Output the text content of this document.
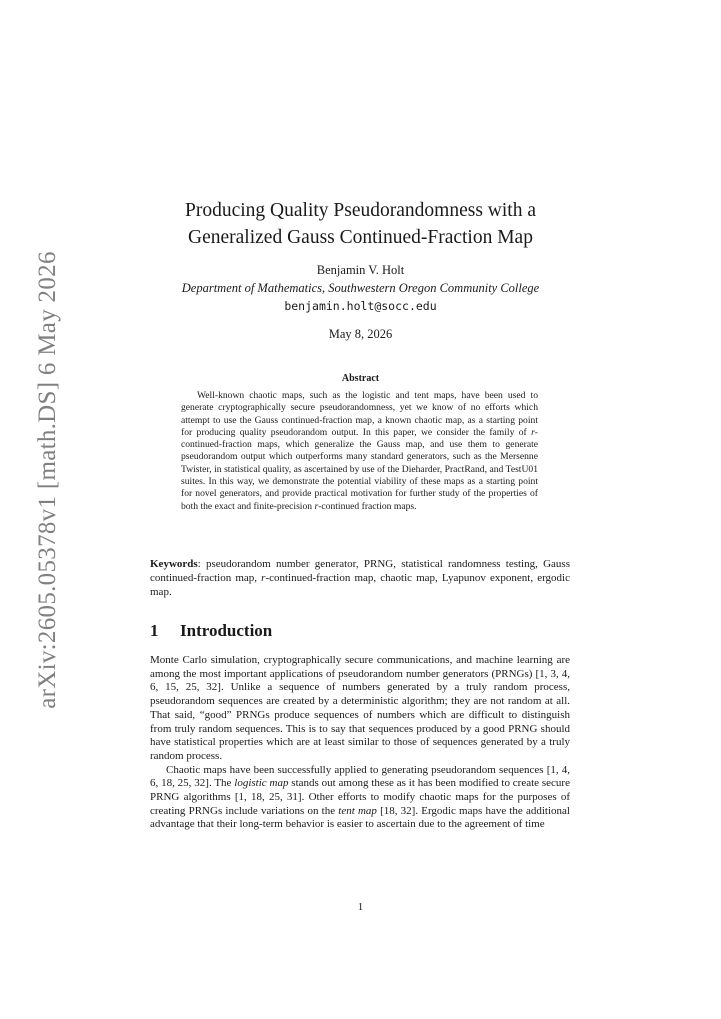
arXiv:2605.05378v1 [math.DS] 6 May 2026
Producing Quality Pseudorandomness with a
Generalized Gauss Continued-Fraction Map
Benjamin V. Holt
Department of Mathematics, Southwestern Oregon Community College
benjamin.holt@socc.edu
May 8, 2026
Abstract
Well-known chaotic maps, such as the logistic and tent maps, have been used to generate cryptographically secure pseudorandomness, yet we know of no efforts which attempt to use the Gauss continued-fraction map, a known chaotic map, as a starting point for producing quality pseudorandom output. In this paper, we consider the family of r-continued-fraction maps, which generalize the Gauss map, and use them to generate pseudorandom output which outperforms many standard generators, such as the Mersenne Twister, in statistical quality, as ascertained by use of the Dieharder, PractRand, and TestU01 suites. In this way, we demonstrate the potential viability of these maps as a starting point for novel generators, and provide practical motivation for further study of the properties of both the exact and finite-precision r-continued fraction maps.
Keywords: pseudorandom number generator, PRNG, statistical randomness testing, Gauss continued-fraction map, r-continued-fraction map, chaotic map, Lyapunov exponent, ergodic map.
1 Introduction

Monte Carlo simulation, cryptographically secure communications, and machine learning are among the most important applications of pseudorandom number generators (PRNGs) [1, 3, 4, 6, 15, 25, 32]. Unlike a sequence of numbers generated by a truly random process, pseudorandom sequences are created by a deterministic algorithm; they are not random at all. That said, “good” PRNGs produce sequences of numbers which are difficult to distinguish from truly random sequences. This is to say that sequences produced by a good PRNG should have statistical properties which are at least similar to those of sequences generated by a truly random process.

Chaotic maps have been successfully applied to generating pseudorandom sequences [1, 4, 6, 18, 25, 32]. The logistic map stands out among these as it has been modified to create secure PRNG algorithms [1, 18, 25, 31]. Other efforts to modify chaotic maps for the purposes of creating PRNGs include variations on the tent map [18, 32]. Ergodic maps have the additional advantage that their long-term behavior is easier to ascertain due to the agreement of time

1
